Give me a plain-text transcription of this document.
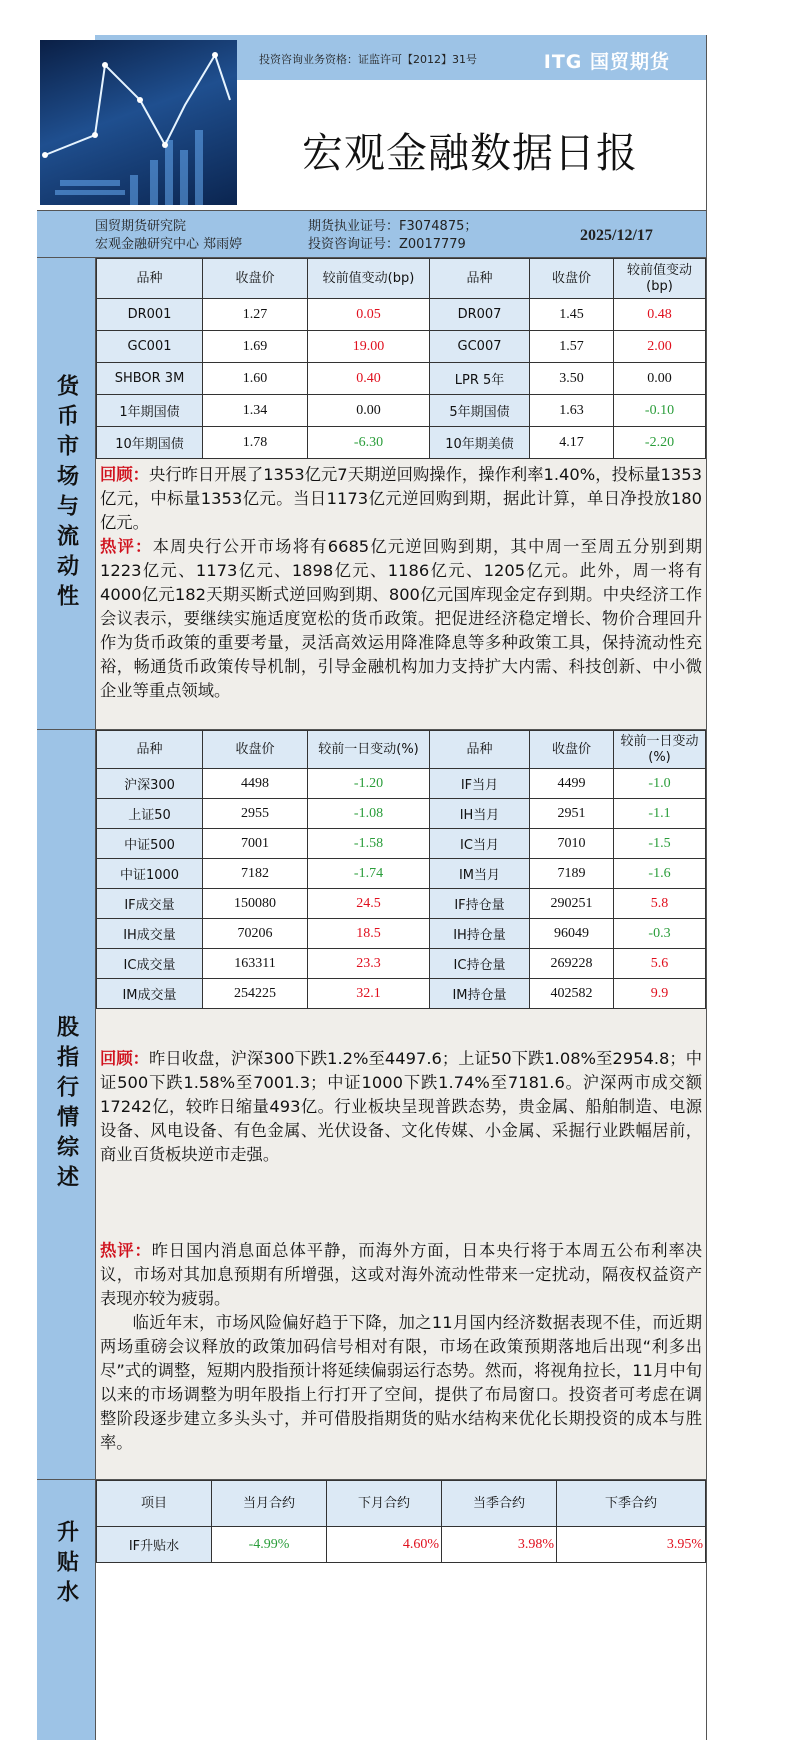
投资咨询业务资格：证监许可【2012】31号	ITG 国贸期货
宏观金融数据日报
国贸期货研究院
宏观金融研究中心 郑雨婷
期货执业证号：F3074875；
投资咨询证号：Z0017779
2025/12/17
货币市场与流动性
品种	收盘价	较前值变动(bp)	品种	收盘价	较前值变动(bp)
DR001	1.27	0.05	DR007	1.45	0.48
GC001	1.69	19.00	GC007	1.57	2.00
SHBOR 3M	1.60	0.40	LPR 5年	3.50	0.00
1年期国债	1.34	0.00	5年期国债	1.63	-0.10
10年期国债	1.78	-6.30	10年期美债	4.17	-2.20
回顾：央行昨日开展了1353亿元7天期逆回购操作，操作利率1.40%，投标量1353亿元，中标量1353亿元。当日1173亿元逆回购到期，据此计算，单日净投放180亿元。
热评：本周央行公开市场将有6685亿元逆回购到期，其中周一至周五分别到期1223亿元、1173亿元、1898亿元、1186亿元、1205亿元。此外，周一将有4000亿元182天期买断式逆回购到期、800亿元国库现金定存到期。中央经济工作会议表示，要继续实施适度宽松的货币政策。把促进经济稳定增长、物价合理回升作为货币政策的重要考量，灵活高效运用降准降息等多种政策工具，保持流动性充裕，畅通货币政策传导机制，引导金融机构加力支持扩大内需、科技创新、中小微企业等重点领域。
股指行情综述
品种	收盘价	较前一日变动(%)	品种	收盘价	较前一日变动(%)
沪深300	4498	-1.20	IF当月	4499	-1.0
上证50	2955	-1.08	IH当月	2951	-1.1
中证500	7001	-1.58	IC当月	7010	-1.5
中证1000	7182	-1.74	IM当月	7189	-1.6
IF成交量	150080	24.5	IF持仓量	290251	5.8
IH成交量	70206	18.5	IH持仓量	96049	-0.3
IC成交量	163311	23.3	IC持仓量	269228	5.6
IM成交量	254225	32.1	IM持仓量	402582	9.9
回顾：昨日收盘，沪深300下跌1.2%至4497.6；上证50下跌1.08%至2954.8；中证500下跌1.58%至7001.3；中证1000下跌1.74%至7181.6。沪深两市成交额17242亿，较昨日缩量493亿。行业板块呈现普跌态势，贵金属、船舶制造、电源设备、风电设备、有色金属、光伏设备、文化传媒、小金属、采掘行业跌幅居前，商业百货板块逆市走强。
热评：昨日国内消息面总体平静，而海外方面，日本央行将于本周五公布利率决议，市场对其加息预期有所增强，这或对海外流动性带来一定扰动，隔夜权益资产表现亦较为疲弱。
临近年末，市场风险偏好趋于下降，加之11月国内经济数据表现不佳，而近期两场重磅会议释放的政策加码信号相对有限，市场在政策预期落地后出现“利多出尽”式的调整，短期内股指预计将延续偏弱运行态势。然而，将视角拉长，11月中旬以来的市场调整为明年股指上行打开了空间，提供了布局窗口。投资者可考虑在调整阶段逐步建立多头头寸，并可借股指期货的贴水结构来优化长期投资的成本与胜率。
升贴水
项目	当月合约	下月合约	当季合约	下季合约
IF升贴水	-4.99%	4.60%	3.98%	3.95%
